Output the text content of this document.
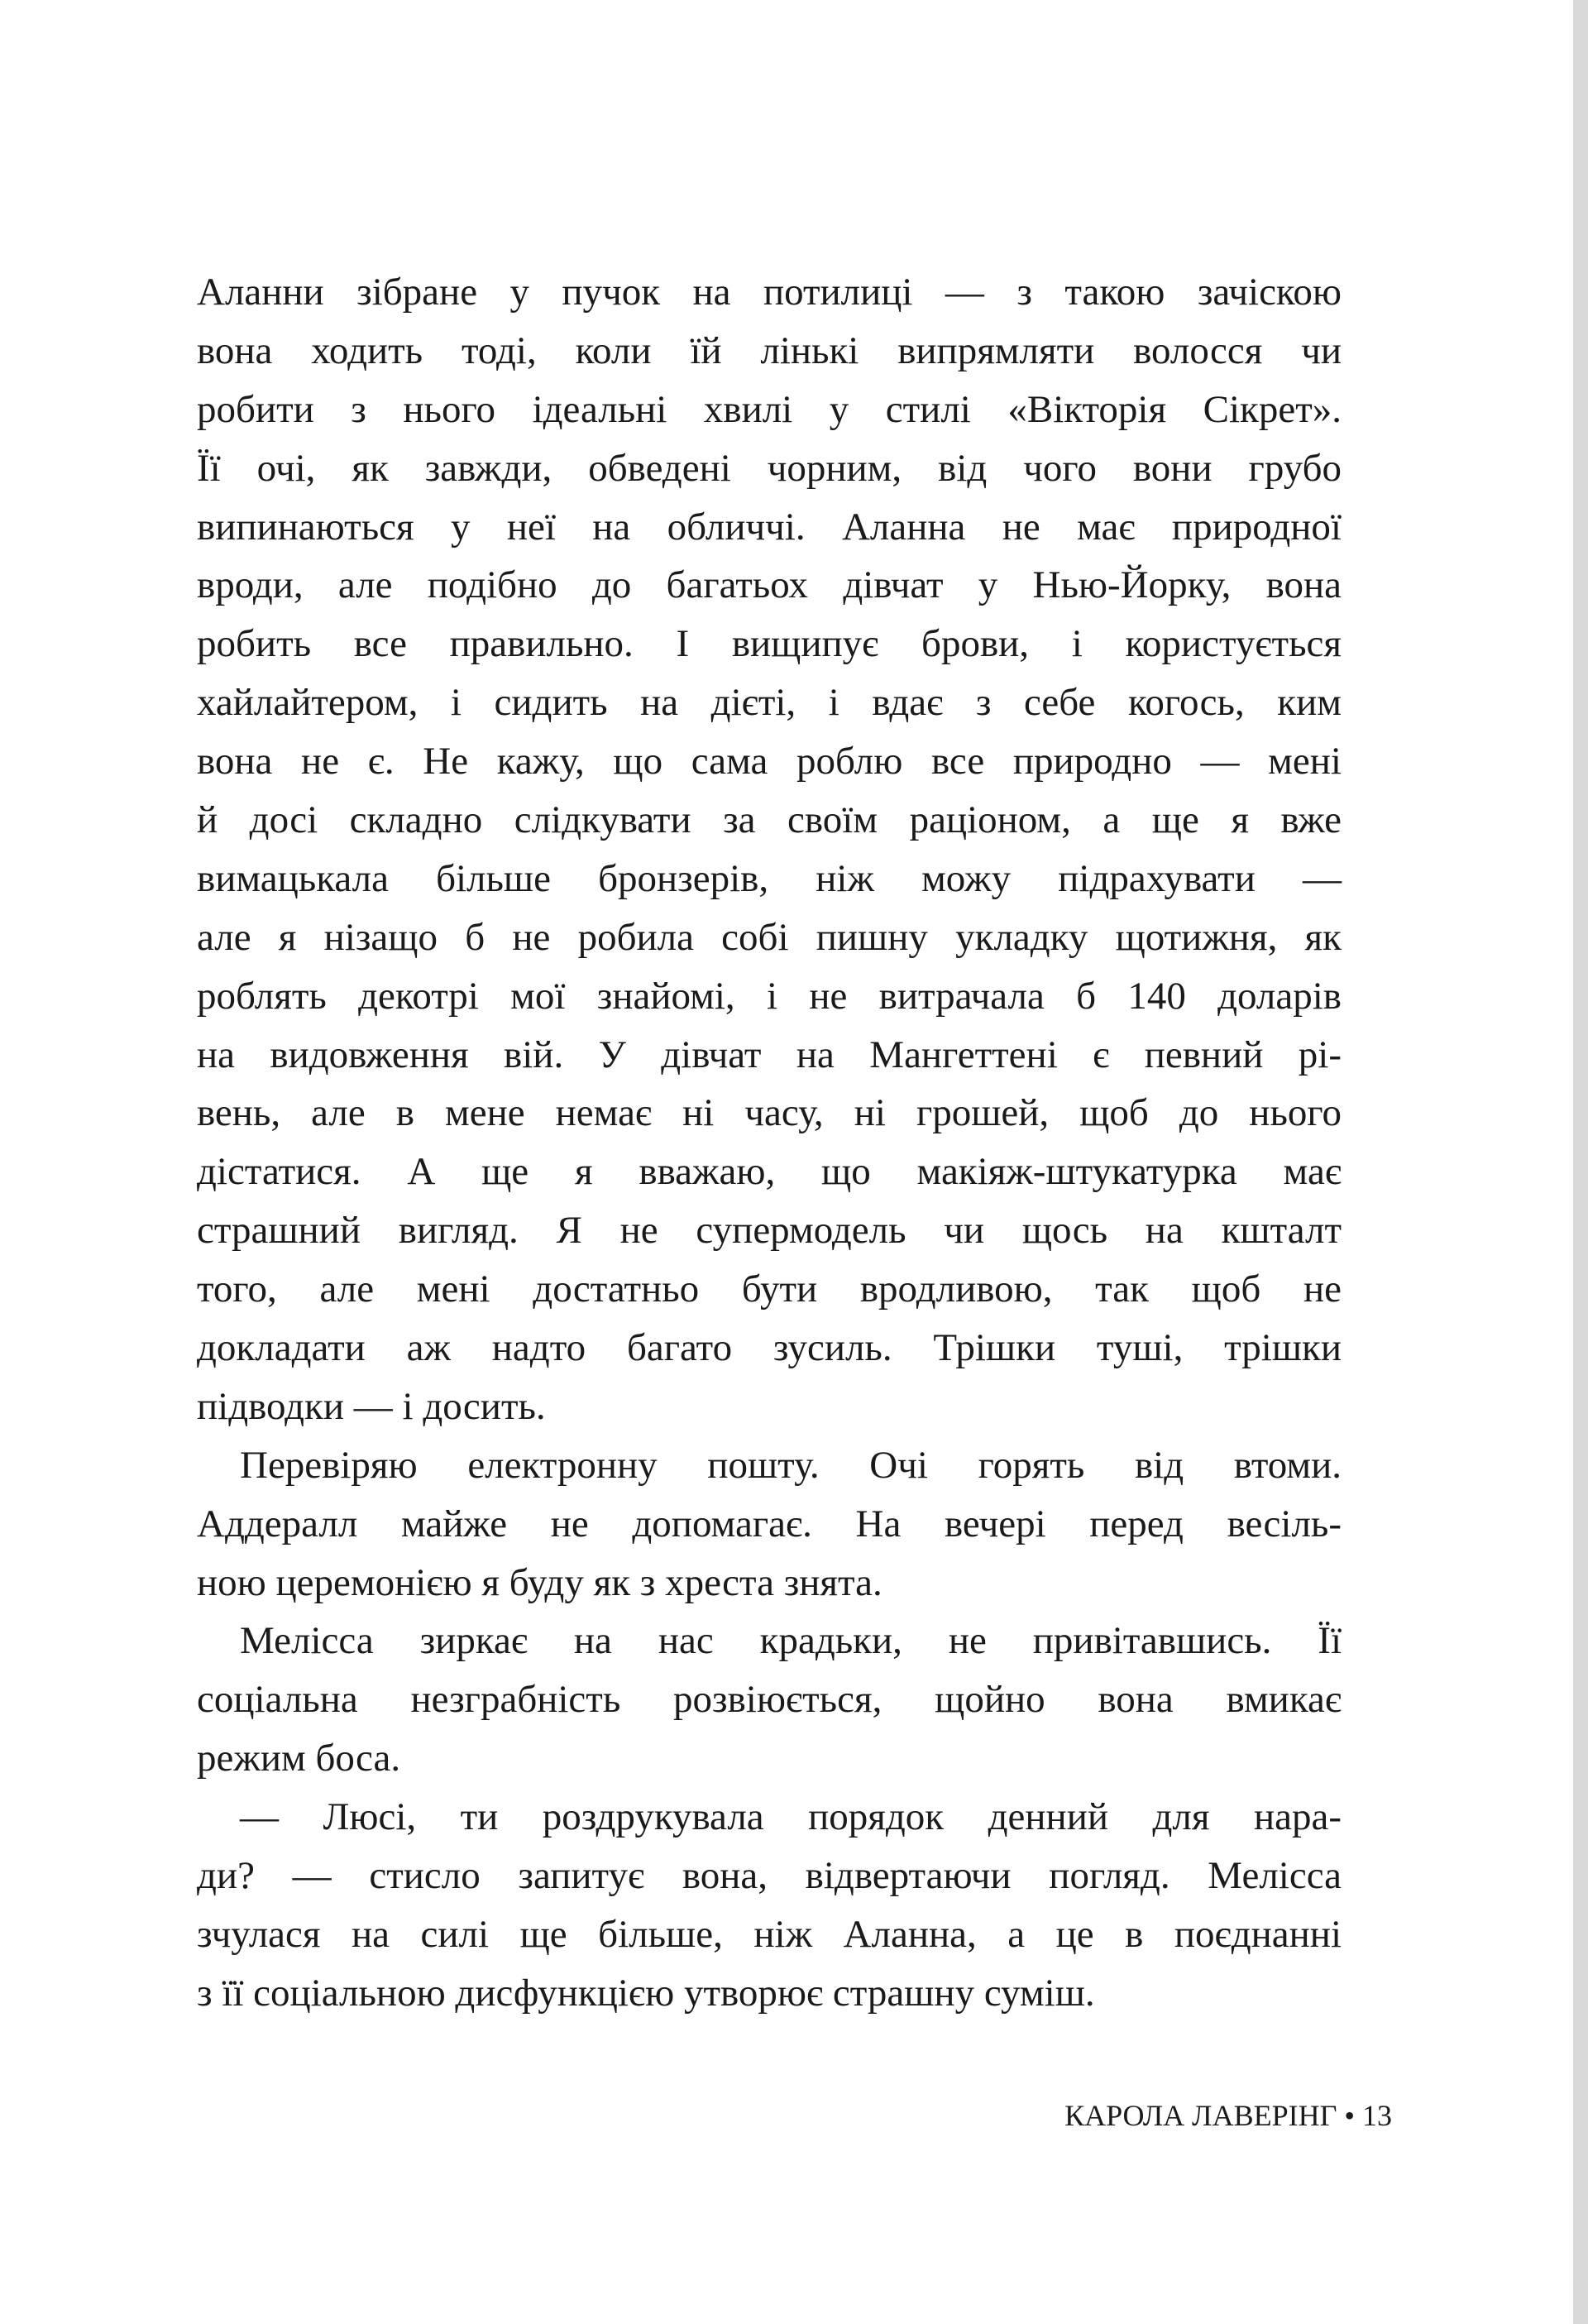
Аланни зібране у пучок на потилиці — з такою зачіскою
вона ходить тоді, коли їй лінькі випрямляти волосся чи
робити з нього ідеальні хвилі у стилі «Вікторія Сікрет».
Її очі, як завжди, обведені чорним, від чого вони грубо
випинаються у неї на обличчі. Аланна не має природної
вроди, але подібно до багатьох дівчат у Нью-Йорку, вона
робить все правильно. І вищипує брови, і користується
хайлайтером, і сидить на дієті, і вдає з себе когось, ким
вона не є. Не кажу, що сама роблю все природно — мені
й досі складно слідкувати за своїм раціоном, а ще я вже
вимацькала більше бронзерів, ніж можу підрахувати —
але я нізащо б не робила собі пишну укладку щотижня, як
роблять декотрі мої знайомі, і не витрачала б 140 доларів
на видовження вій. У дівчат на Мангеттені є певний рі-
вень, але в мене немає ні часу, ні грошей, щоб до нього
дістатися. А ще я вважаю, що макіяж-штукатурка має
страшний вигляд. Я не супермодель чи щось на кшталт
того, але мені достатньо бути вродливою, так щоб не
докладати аж надто багато зусиль. Трішки туші, трішки
підводки — і досить.
Перевіряю електронну пошту. Очі горять від втоми.
Аддералл майже не допомагає. На вечері перед весіль-
ною церемонією я буду як з хреста знята.
Мелісса зиркає на нас крадьки, не привітавшись. Її
соціальна незграбність розвіюється, щойно вона вмикає
режим боса.
— Люсі, ти роздрукувала порядок денний для нара-
ди? — стисло запитує вона, відвертаючи погляд. Мелісса
зчулася на силі ще більше, ніж Аланна, а це в поєднанні
з її соціальною дисфункцією утворює страшну суміш.
КАРОЛА ЛАВЕРІНГ • 13
